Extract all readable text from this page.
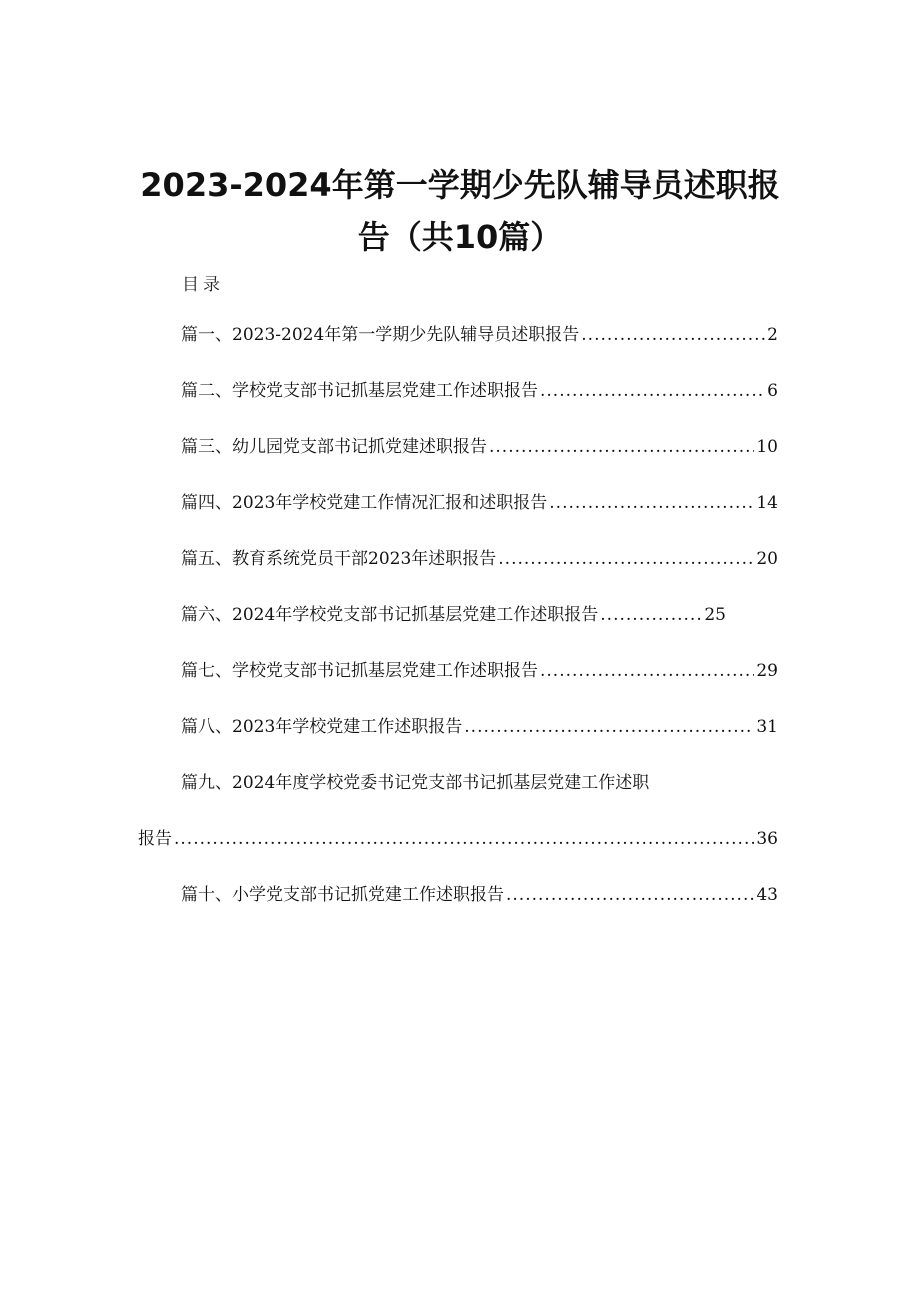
2023-2024年第一学期少先队辅导员述职报
告（共10篇）
目录
篇一、2023-2024年第一学期少先队辅导员述职报告 .....	2
篇二、学校党支部书记抓基层党建工作述职报告 .....	6
篇三、幼儿园党支部书记抓党建述职报告 .....	10
篇四、2023年学校党建工作情况汇报和述职报告 .....	14
篇五、教育系统党员干部2023年述职报告 .....	20
篇六、2024年学校党支部书记抓基层党建工作述职报告 .....	25
篇七、学校党支部书记抓基层党建工作述职报告 .....	29
篇八、2023年学校党建工作述职报告 .....	31
篇九、2024年度学校党委书记党支部书记抓基层党建工作述职
报告 .....	36
篇十、小学党支部书记抓党建工作述职报告 .....	43
